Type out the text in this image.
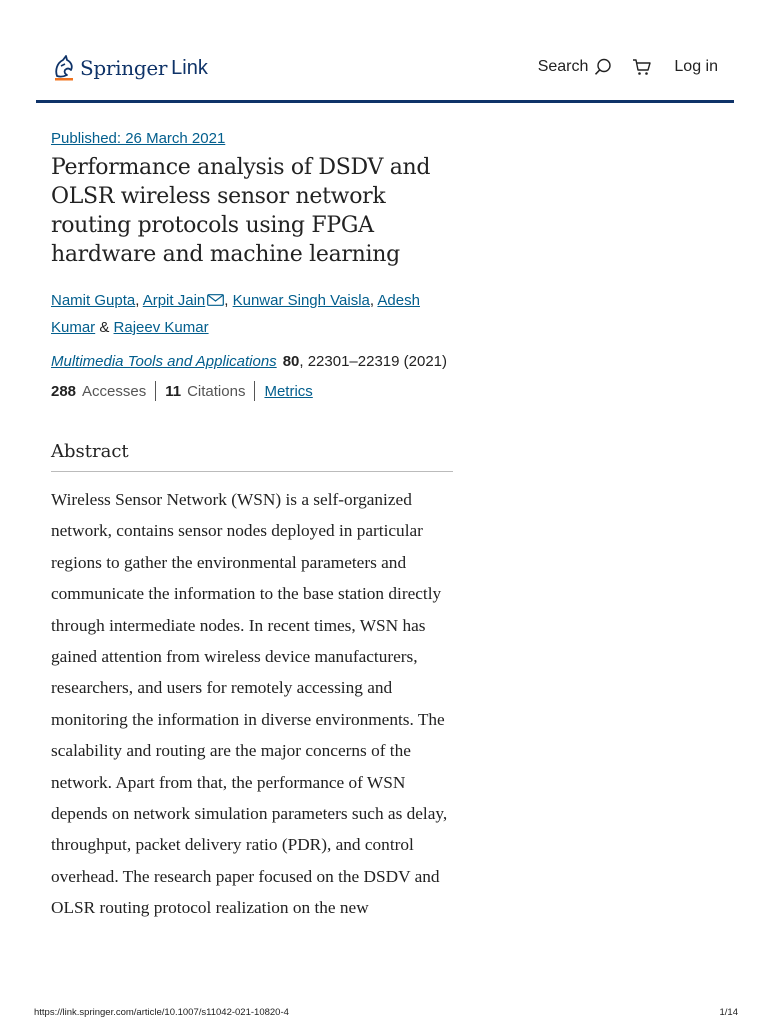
Springer Link	Search	Log in
Published: 26 March 2021
Performance analysis of DSDV and OLSR wireless sensor network routing protocols using FPGA hardware and machine learning
Namit Gupta, Arpit Jain , Kunwar Singh Vaisla, Adesh Kumar & Rajeev Kumar
Multimedia Tools and Applications 80, 22301–22319 (2021)
288 Accesses 11 Citations Metrics
Abstract
Wireless Sensor Network (WSN) is a self-organized network, contains sensor nodes deployed in particular regions to gather the environmental parameters and communicate the information to the base station directly through intermediate nodes. In recent times, WSN has gained attention from wireless device manufacturers, researchers, and users for remotely accessing and monitoring the information in diverse environments. The scalability and routing are the major concerns of the network. Apart from that, the performance of WSN depends on network simulation parameters such as delay, throughput, packet delivery ratio (PDR), and control overhead. The research paper focused on the DSDV and OLSR routing protocol realization on the new
https://link.springer.com/article/10.1007/s11042-021-10820-4	1/14
